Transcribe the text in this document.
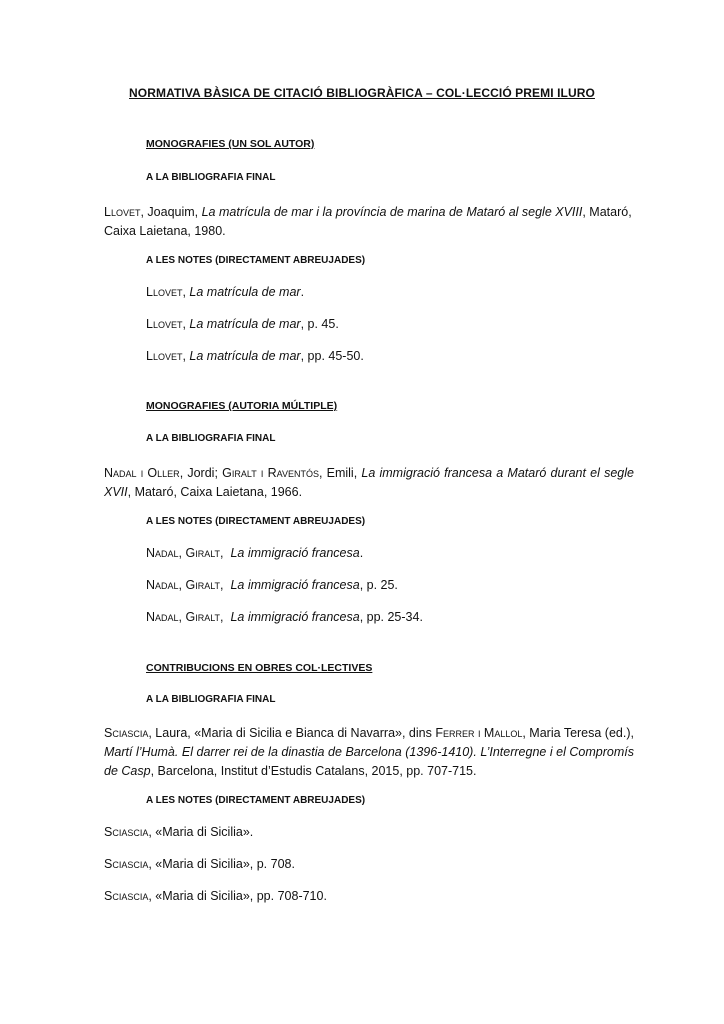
NORMATIVA BÀSICA DE CITACIÓ BIBLIOGRÀFICA – COL·LECCIÓ PREMI ILURO
MONOGRAFIES (UN SOL AUTOR)
A LA BIBLIOGRAFIA FINAL
Llovet, Joaquim, La matrícula de mar i la província de marina de Mataró al segle XVIII, Mataró, Caixa Laietana, 1980.
A LES NOTES (DIRECTAMENT ABREUJADES)
Llovet, La matrícula de mar.
Llovet, La matrícula de mar, p. 45.
Llovet, La matrícula de mar, pp. 45-50.
MONOGRAFIES (AUTORIA MÚLTIPLE)
A LA BIBLIOGRAFIA FINAL
Nadal i Oller, Jordi; Giralt i Raventós, Emili, La immigració francesa a Mataró durant el segle XVII, Mataró, Caixa Laietana, 1966.
A LES NOTES (DIRECTAMENT ABREUJADES)
Nadal, Giralt,  La immigració francesa.
Nadal, Giralt,  La immigració francesa, p. 25.
Nadal, Giralt,  La immigració francesa, pp. 25-34.
CONTRIBUCIONS EN OBRES COL·LECTIVES
A LA BIBLIOGRAFIA FINAL
Sciascia, Laura, «Maria di Sicilia e Bianca di Navarra», dins Ferrer i Mallol, Maria Teresa (ed.), Martí l’Humà. El darrer rei de la dinastia de Barcelona (1396-1410). L’Interregne i el Compromís de Casp, Barcelona, Institut d’Estudis Catalans, 2015, pp. 707-715.
A LES NOTES (DIRECTAMENT ABREUJADES)
Sciascia, «Maria di Sicilia».
Sciascia, «Maria di Sicilia», p. 708.
Sciascia, «Maria di Sicilia», pp. 708-710.
